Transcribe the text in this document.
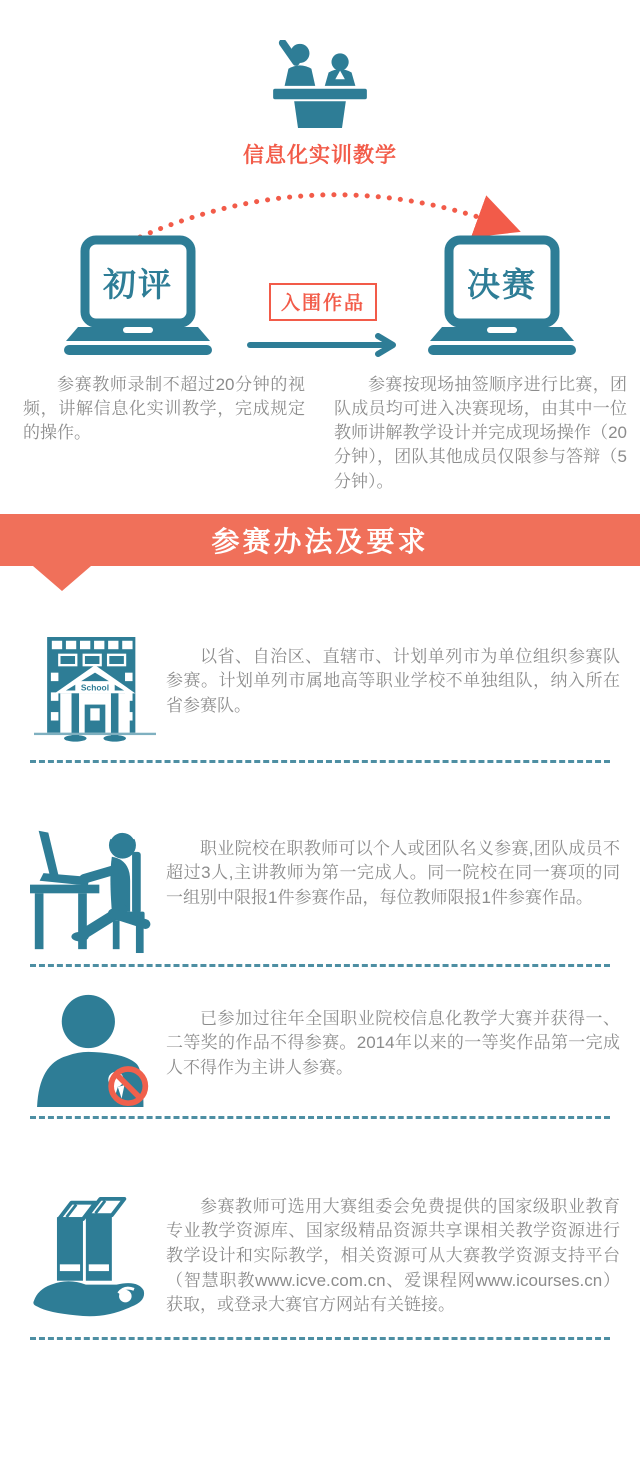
信息化实训教学
初评	决赛
入围作品
参赛教师录制不超过20分钟的视频，讲解信息化实训教学，完成规定的操作。
参赛按现场抽签顺序进行比赛，团队成员均可进入决赛现场，由其中一位教师讲解教学设计并完成现场操作（20分钟），团队其他成员仅限参与答辩（5分钟）。
参赛办法及要求
School
以省、自治区、直辖市、计划单列市为单位组织参赛队参赛。计划单列市属地高等职业学校不单独组队，纳入所在省参赛队。
职业院校在职教师可以个人或团队名义参赛,团队成员不超过3人,主讲教师为第一完成人。同一院校在同一赛项的同一组别中限报1件参赛作品，每位教师限报1件参赛作品。
已参加过往年全国职业院校信息化教学大赛并获得一、二等奖的作品不得参赛。2014年以来的一等奖作品第一完成人不得作为主讲人参赛。
参赛教师可选用大赛组委会免费提供的国家级职业教育专业教学资源库、国家级精品资源共享课相关教学资源进行教学设计和实际教学，相关资源可从大赛教学资源支持平台（智慧职教www.icve.com.cn、爱课程网www.icourses.cn）获取，或登录大赛官方网站有关链接。
